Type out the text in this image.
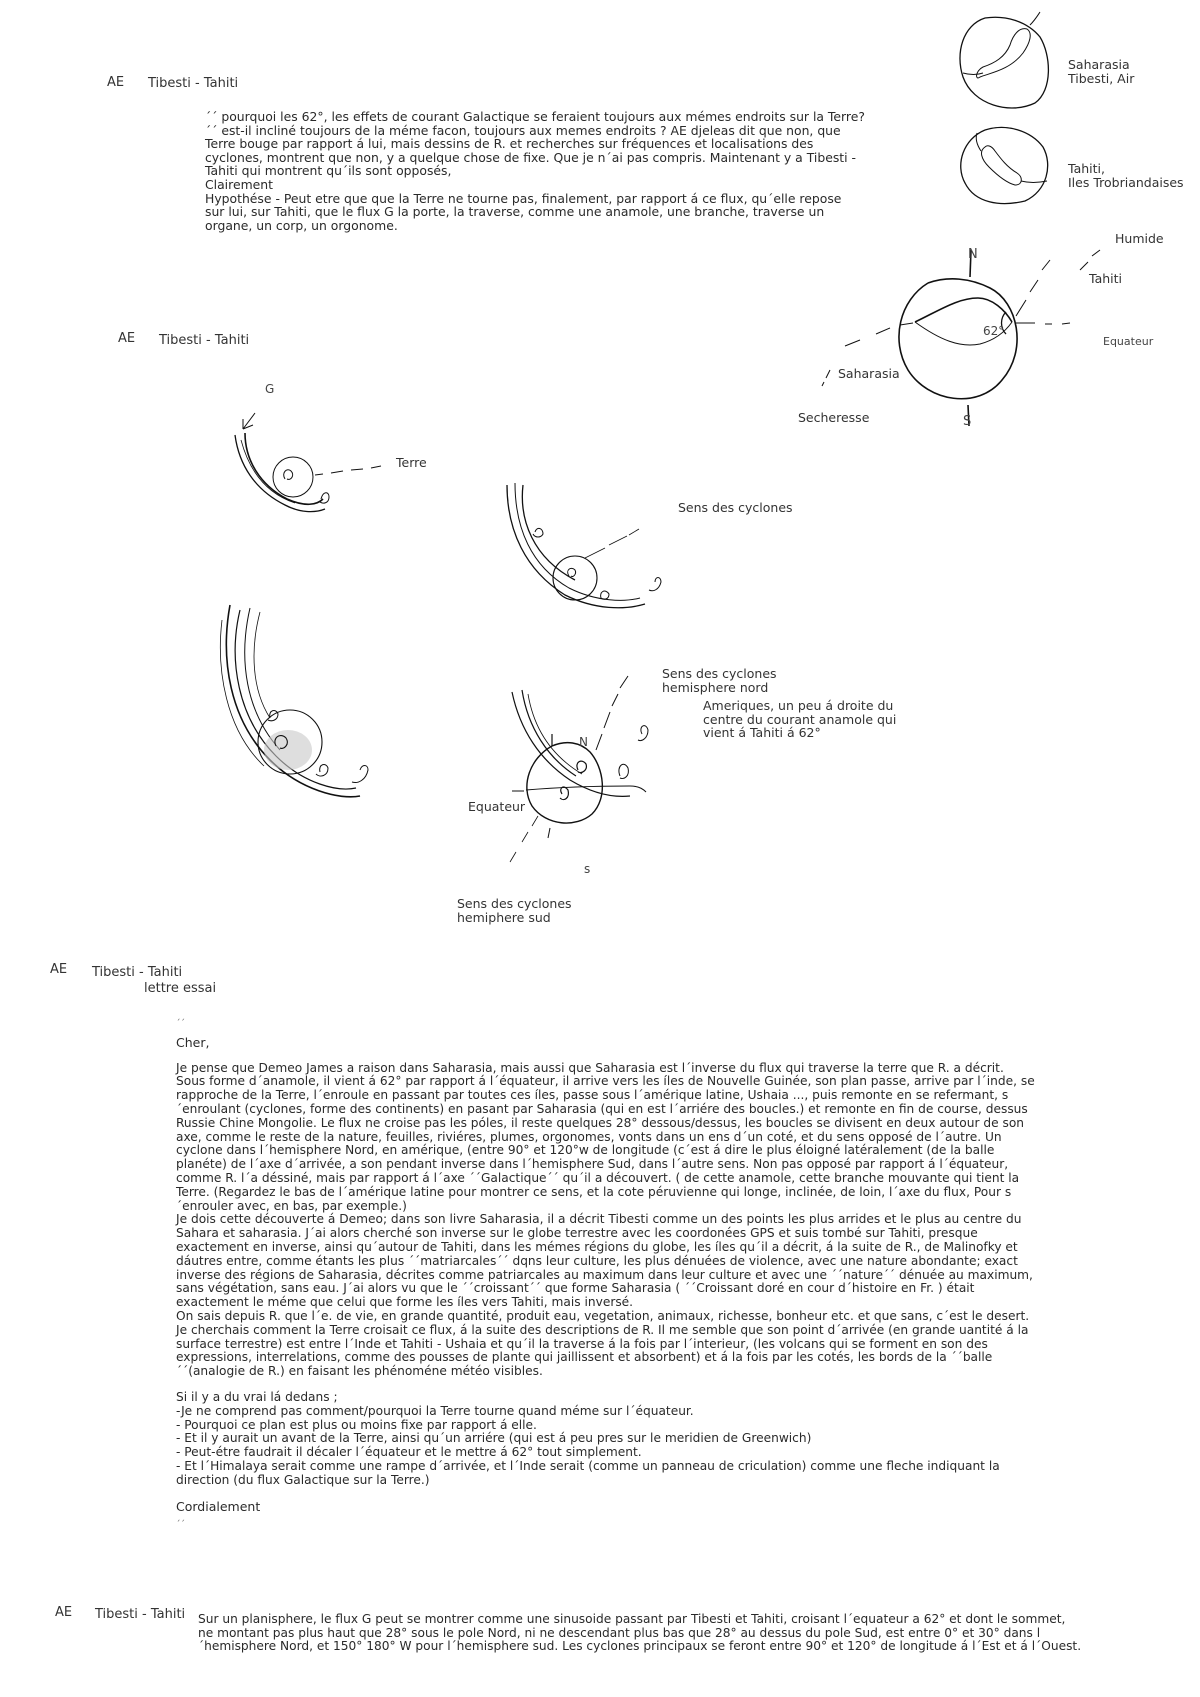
AE Tibesti - Tahiti
´´ pourquoi les 62°, les effets de courant Galactique se feraient toujours aux mémes endroits sur la Terre?
´´ est-il incliné toujours de la méme facon, toujours aux memes endroits ? AE djeleas dit que non, que
Terre bouge par rapport á lui, mais dessins de R. et recherches sur fréquences et localisations des
cyclones, montrent que non, y a quelque chose de fixe. Que je n´ai pas compris. Maintenant y a Tibesti -
Tahiti qui montrent qu´ils sont opposés,
Clairement
Hypothése - Peut etre que que la Terre ne tourne pas, finalement, par rapport á ce flux, qu´elle repose
sur lui, sur Tahiti, que le flux G la porte, la traverse, comme une anamole, une branche, traverse un
organe, un corp, un orgonome.
Saharasia
Tibesti, Air
Tahiti,
Iles Trobriandaises
N
S
62°
Humide
Tahiti
Equateur
Saharasia
Secheresse
AE Tibesti - Tahiti
G
Terre
Sens des cyclones
Sens des cyclones
hemisphere nord
Ameriques, un peu á droite du
centre du courant anamole qui
vient á Tahiti á 62°
N
s
Equateur
Sens des cyclones
hemiphere sud
AE Tibesti - Tahiti
lettre essai

´´

Cher,

Je pense que Demeo James a raison dans Saharasia, mais aussi que Saharasia est l´inverse du flux qui traverse la terre que R. a décrit. Sous forme d´anamole, il vient á 62° par rapport á l´équateur, il arrive vers les íles de Nouvelle Guinée, son plan passe, arrive par l´inde, se rapproche de la Terre, l´enroule en passant par toutes ces íles, passe sous l´amérique latine, Ushaia ..., puis remonte en se refermant, s´enroulant (cyclones, forme des continents) en pasant par Saharasia (qui en est l´arriére des boucles.) et remonte en fin de course, dessus Russie Chine Mongolie. Le flux ne croise pas les póles, il reste quelques 28° dessous/dessus, les boucles se divisent en deux autour de son axe, comme le reste de la nature, feuilles, riviéres, plumes, orgonomes, vonts dans un ens d´un coté, et du sens opposé de l´autre. Un cyclone dans l´hemisphere Nord, en amérique, (entre 90° et 120°w de longitude (c´est á dire le plus éloigné latéralement (de la balle planéte) de l´axe d´arrivée, a son pendant inverse dans l´hemisphere Sud, dans l´autre sens. Non pas opposé par rapport á l´équateur, comme R. l´a déssiné, mais par rapport á l´axe ´´Galactique´´ qu´il a découvert. ( de cette anamole, cette branche mouvante qui tient la Terre. (Regardez le bas de l´amérique latine pour montrer ce sens, et la cote péruvienne qui longe, inclinée, de loin, l´axe du flux, Pour s´enrouler avec, en bas, par exemple.)

Je dois cette découverte á Demeo; dans son livre Saharasia, il a décrit Tibesti comme un des points les plus arrides et le plus au centre du Sahara et saharasia. J´ai alors cherché son inverse sur le globe terrestre avec les coordonées GPS et suis tombé sur Tahiti, presque exactement en inverse, ainsi qu´autour de Tahiti, dans les mémes régions du globe, les íles qu´il a décrit, á la suite de R., de Malinofky et dáutres entre, comme étants les plus ´´matriarcales´´ dqns leur culture, les plus dénuées de violence, avec une nature abondante; exact inverse des régions de Saharasia, décrites comme patriarcales au maximum dans leur culture et avec une ´´nature´´ dénuée au maximum, sans végétation, sans eau. J´ai alors vu que le ´´croissant´´ que forme Saharasia ( ´´Croissant doré en cour d´histoire en Fr. ) était exactement le méme que celui que forme les íles vers Tahiti, mais inversé.

On sais depuis R. que l´e. de vie, en grande quantité, produit eau, vegetation, animaux, richesse, bonheur etc. et que sans, c´est le desert. Je cherchais comment la Terre croisait ce flux, á la suite des descriptions de R. Il me semble que son point d´arrivée (en grande uantité á la surface terrestre) est entre l´Inde et Tahiti - Ushaia et qu´il la traverse á la fois par l´interieur, (les volcans qui se forment en son des expressions, interrelations, comme des pousses de plante qui jaillissent et absorbent) et á la fois par les cotés, les bords de la ´´balle´´(analogie de R.) en faisant les phénoméne météo visibles.

Si il y a du vrai lá dedans ;

-Je ne comprend pas comment/pourquoi la Terre tourne quand méme sur l´équateur.

- Pourquoi ce plan est plus ou moins fixe par rapport á elle.

- Et il y aurait un avant de la Terre, ainsi qu´un arriére (qui est á peu pres sur le meridien de Greenwich)

- Peut-étre faudrait il décaler l´équateur et le mettre á 62° tout simplement.

- Et l´Himalaya serait comme une rampe d´arrivée, et l´Inde serait (comme un panneau de criculation) comme une fleche indiquant la direction (du flux Galactique sur la Terre.)

Cordialement

´´

AE Tibesti - Tahiti Sur un planisphere, le flux G peut se montrer comme une sinusoide passant par Tibesti et Tahiti, croisant l´equateur a 62° et dont le sommet,
ne montant pas plus haut que 28° sous le pole Nord, ni ne descendant plus bas que 28° au dessus du pole Sud, est entre 0° et 30° dans l
´hemisphere Nord, et 150° 180° W pour l´hemisphere sud. Les cyclones principaux se feront entre 90° et 120° de longitude á l´Est et á l´Ouest.
